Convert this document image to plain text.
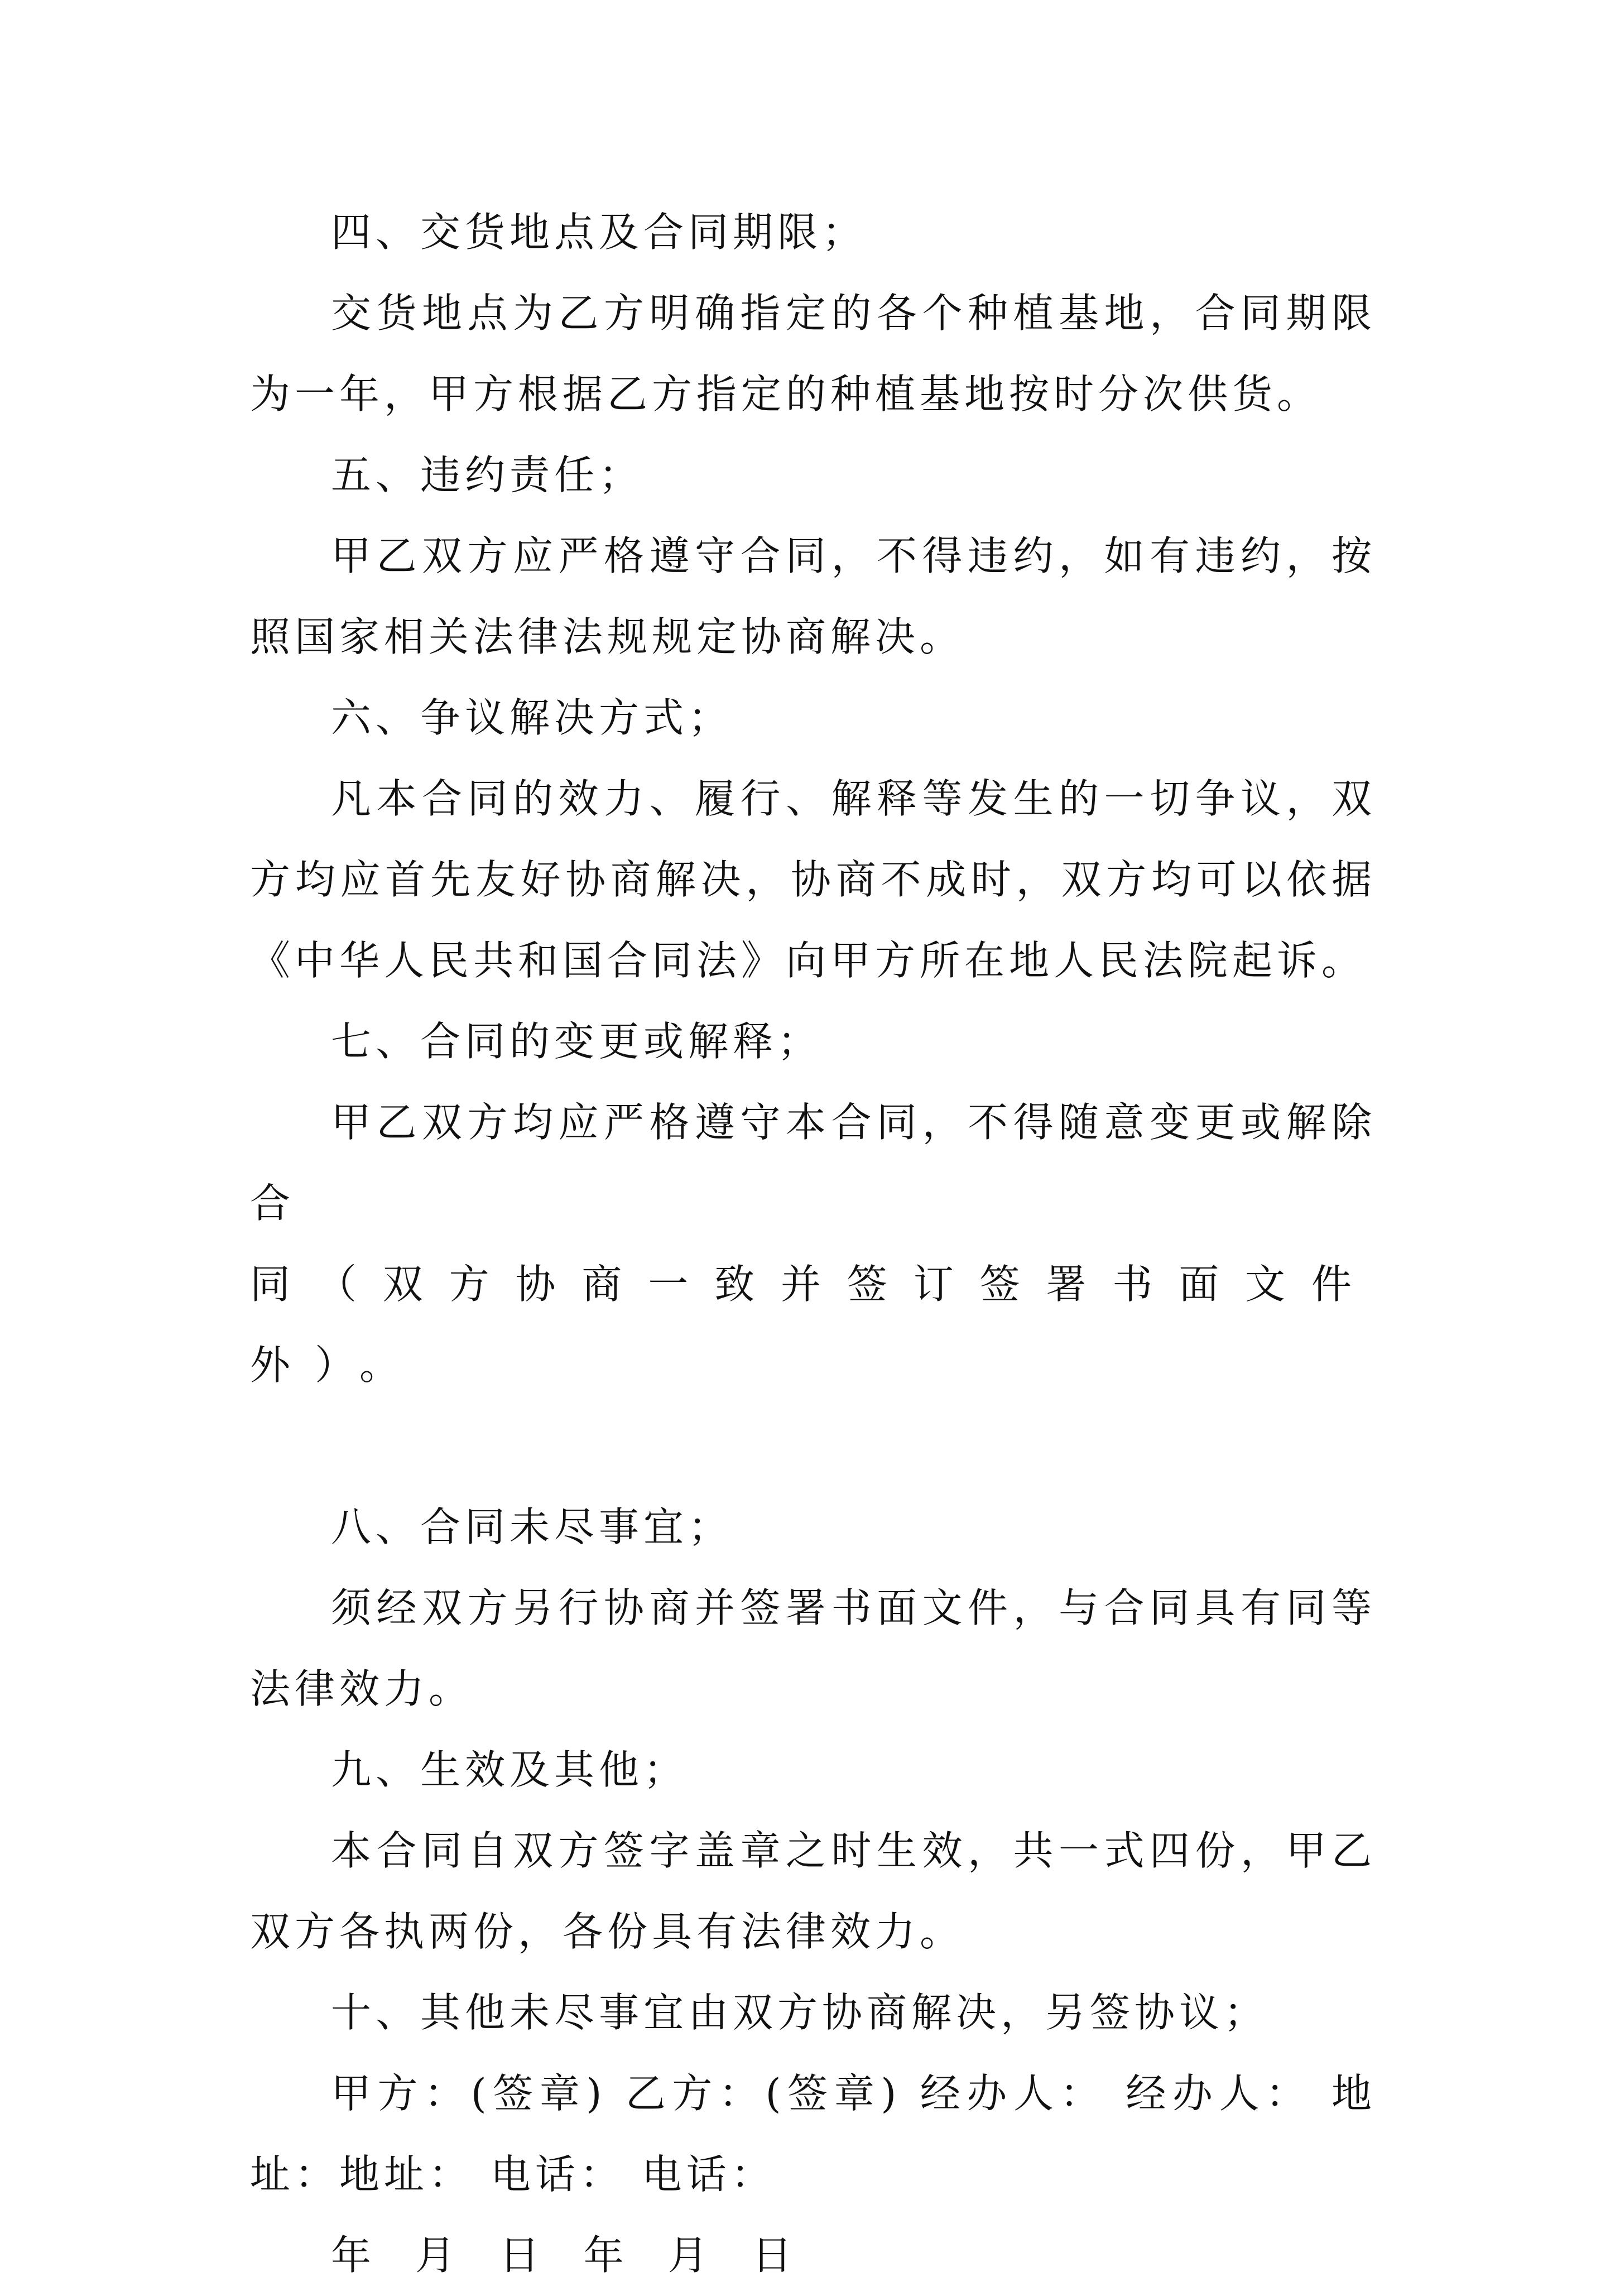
四、交货地点及合同期限；

交货地点为乙方明确指定的各个种植基地，合同期限为一年，甲方根据乙方指定的种植基地按时分次供货。

五、违约责任；

甲乙双方应严格遵守合同，不得违约，如有违约，按照国家相关法律法规规定协商解决。

六、争议解决方式；

凡本合同的效力、履行、解释等发生的一切争议，双方均应首先友好协商解决，协商不成时，双方均可以依据《中华人民共和国合同法》向甲方所在地人民法院起诉。

七、合同的变更或解释；

甲乙双方均应严格遵守本合同，不得随意变更或解除合

同（双方协商一致并签订签署书面文件外）。

八、合同未尽事宜；

须经双方另行协商并签署书面文件，与合同具有同等法律效力。

九、生效及其他；

本合同自双方签字盖章之时生效，共一式四份，甲乙双方各执两份，各份具有法律效力。

十、其他未尽事宜由双方协商解决，另签协议；

甲方：(签章) 乙方：(签章) 经办人： 经办人： 地址：地址： 电话： 电话：

年 月 日 年 月 日
